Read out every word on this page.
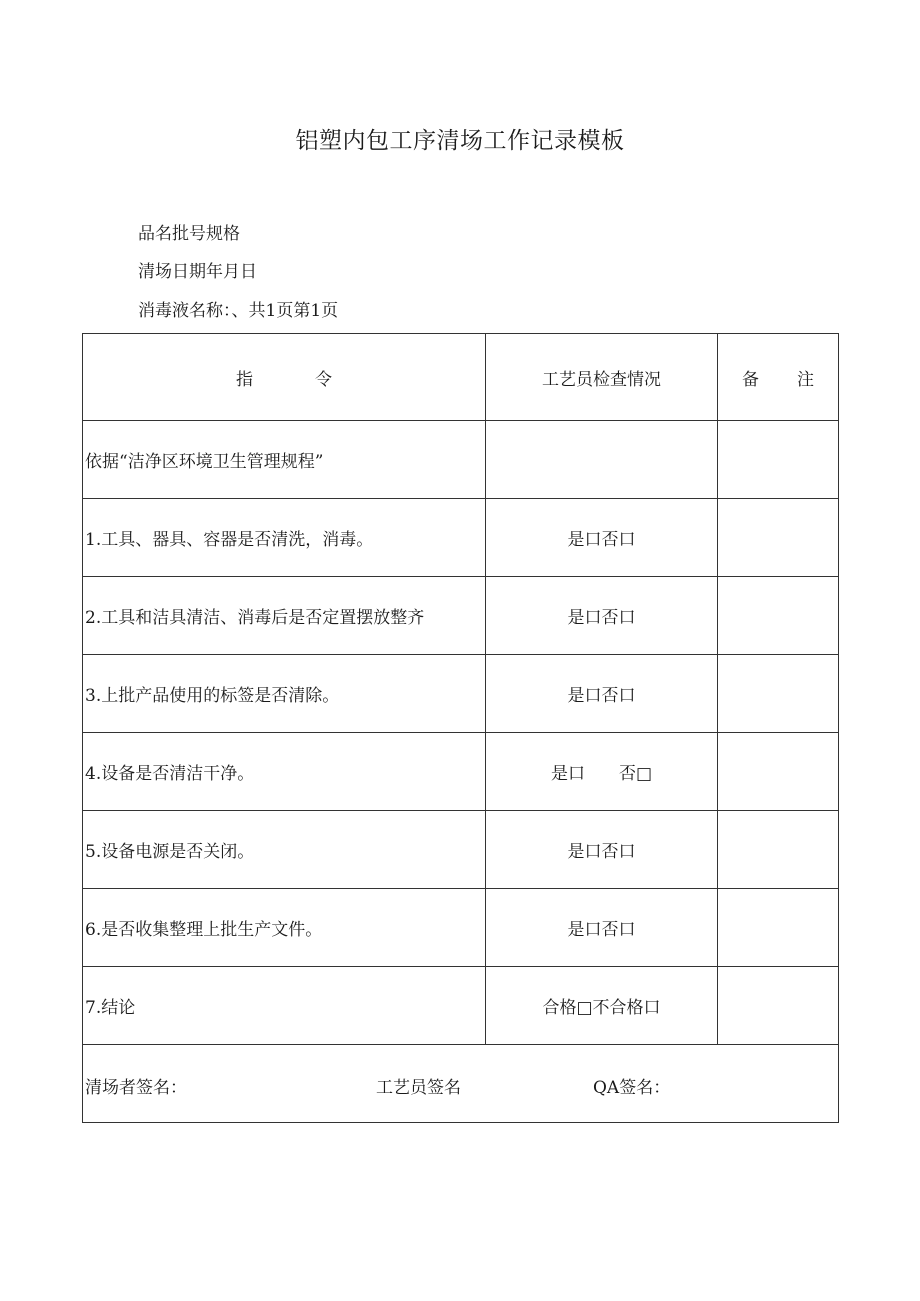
铝塑内包工序清场工作记录模板
品名批号规格
清场日期年月日
消毒液名称：、共1页第1页
指 令	工艺员检查情况	备 注
依据“洁净区环境卫生管理规程”		
1.工具、器具、容器是否清洗，消毒。	是口否口	
2.工具和洁具清洁、消毒后是否定置摆放整齐	是口否口	
3.上批产品使用的标签是否清除。	是口否口	
4.设备是否清洁干净。	是口　　否□	
5.设备电源是否关闭。	是口否口	
6.是否收集整理上批生产文件。	是口否口	
7.结论	合格□不合格口	

清场者签名： 工艺员签名 QA签名：		
